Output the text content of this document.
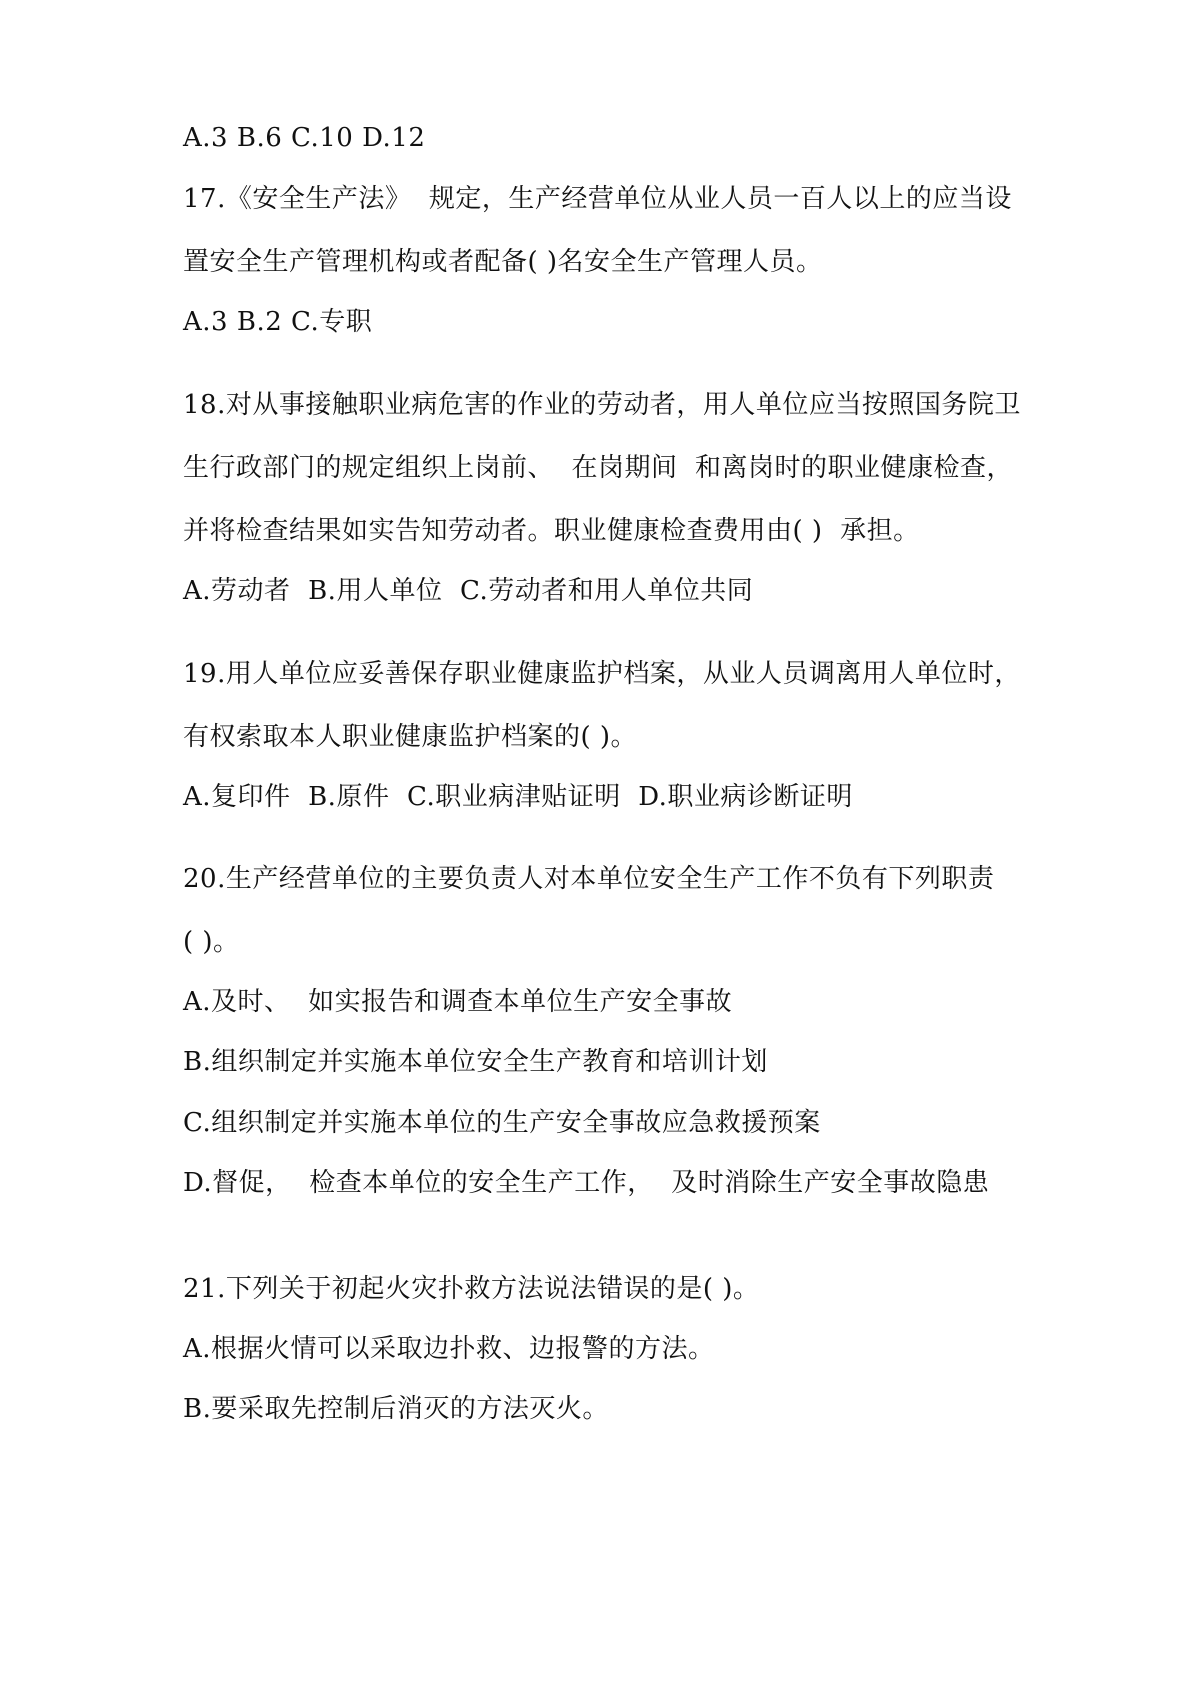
A.3 B.6 C.10 D.12
17.《安全生产法》  规定，生产经营单位从业人员一百人以上的应当设
置安全生产管理机构或者配备( )名安全生产管理人员。
A.3 B.2 C.专职
18.对从事接触职业病危害的作业的劳动者，用人单位应当按照国务院卫
生行政部门的规定组织上岗前、  在岗期间  和离岗时的职业健康检查，
并将检查结果如实告知劳动者。职业健康检查费用由( )  承担。
A.劳动者  B.用人单位  C.劳动者和用人单位共同
19.用人单位应妥善保存职业健康监护档案，从业人员调离用人单位时，
有权索取本人职业健康监护档案的( )。
A.复印件  B.原件  C.职业病津贴证明  D.职业病诊断证明
20.生产经营单位的主要负责人对本单位安全生产工作不负有下列职责
( )。
A.及时、  如实报告和调查本单位生产安全事故
B.组织制定并实施本单位安全生产教育和培训计划
C.组织制定并实施本单位的生产安全事故应急救援预案
D.督促，  检查本单位的安全生产工作，  及时消除生产安全事故隐患
21.下列关于初起火灾扑救方法说法错误的是( )。
A.根据火情可以采取边扑救、边报警的方法。
B.要采取先控制后消灭的方法灭火。
